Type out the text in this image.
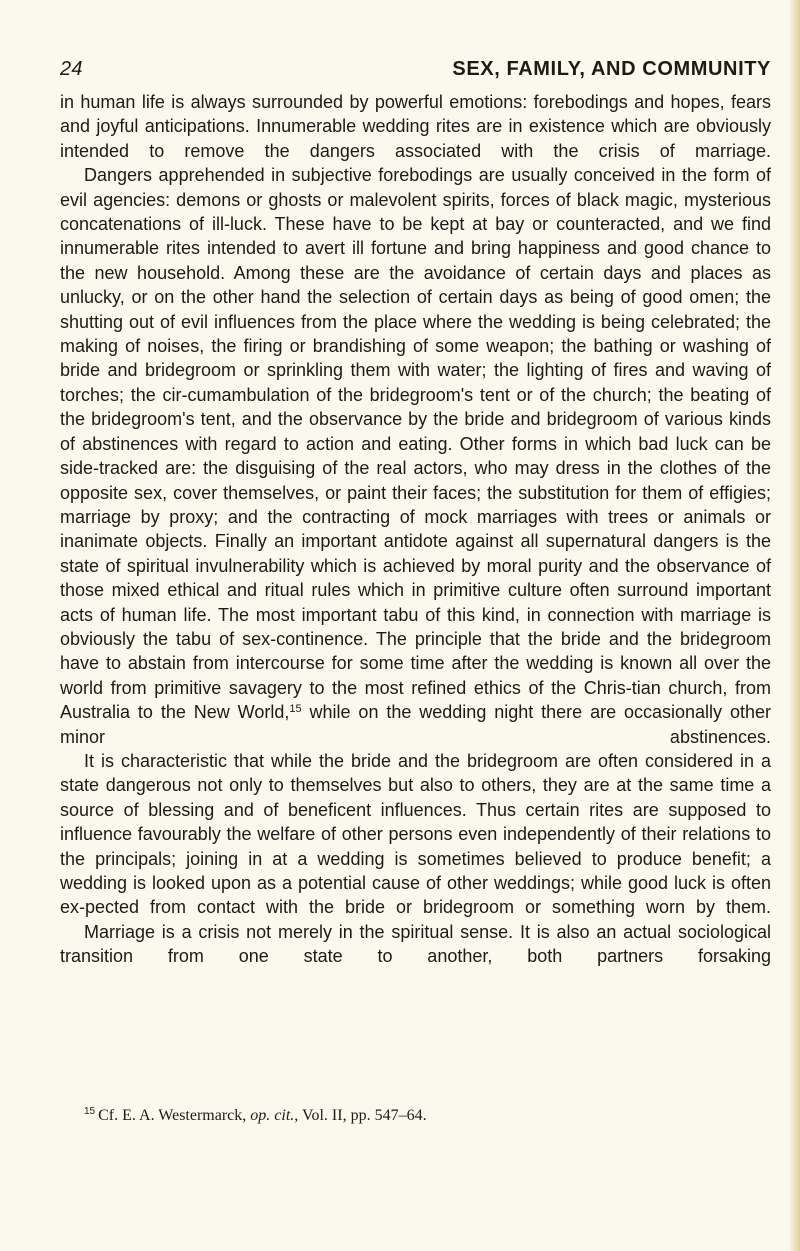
24	SEX, FAMILY, AND COMMUNITY

in human life is always surrounded by powerful emotions: forebodings and hopes, fears and joyful anticipations. Innumerable wedding rites are in existence which are obviously intended to remove the dangers associated with the crisis of marriage.

Dangers apprehended in subjective forebodings are usually conceived in the form of evil agencies: demons or ghosts or malevolent spirits, forces of black magic, mysterious concatenations of ill-luck. These have to be kept at bay or counteracted, and we find innumerable rites intended to avert ill fortune and bring happiness and good chance to the new household. Among these are the avoidance of certain days and places as unlucky, or on the other hand the selection of certain days as being of good omen; the shutting out of evil influences from the place where the wedding is being celebrated; the making of noises, the firing or brandishing of some weapon; the bathing or washing of bride and bridegroom or sprinkling them with water; the lighting of fires and waving of torches; the cir-cumambulation of the bridegroom's tent or of the church; the beating of the bridegroom's tent, and the observance by the bride and bridegroom of various kinds of abstinences with regard to action and eating. Other forms in which bad luck can be side-tracked are: the disguising of the real actors, who may dress in the clothes of the opposite sex, cover themselves, or paint their faces; the substitution for them of effigies; marriage by proxy; and the contracting of mock marriages with trees or animals or inanimate objects. Finally an important antidote against all supernatural dangers is the state of spiritual invulnerability which is achieved by moral purity and the observance of those mixed ethical and ritual rules which in primitive culture often surround important acts of human life. The most important tabu of this kind, in connection with marriage is obviously the tabu of sex-continence. The principle that the bride and the bridegroom have to abstain from intercourse for some time after the wedding is known all over the world from primitive savagery to the most refined ethics of the Chris-tian church, from Australia to the New World,$^{15}$ while on the wedding night there are occasionally other minor abstinences.

It is characteristic that while the bride and the bridegroom are often considered in a state dangerous not only to themselves but also to others, they are at the same time a source of blessing and of beneficent influences. Thus certain rites are supposed to influence favourably the welfare of other persons even independently of their relations to the principals; joining in at a wedding is sometimes believed to produce benefit; a wedding is looked upon as a potential cause of other weddings; while good luck is often ex-pected from contact with the bride or bridegroom or something worn by them.

Marriage is a crisis not merely in the spiritual sense. It is also an actual sociological transition from one state to another, both partners forsaking

$^{15}$ Cf. E. A. Westermarck, op. cit., Vol. II, pp. 547–64.
